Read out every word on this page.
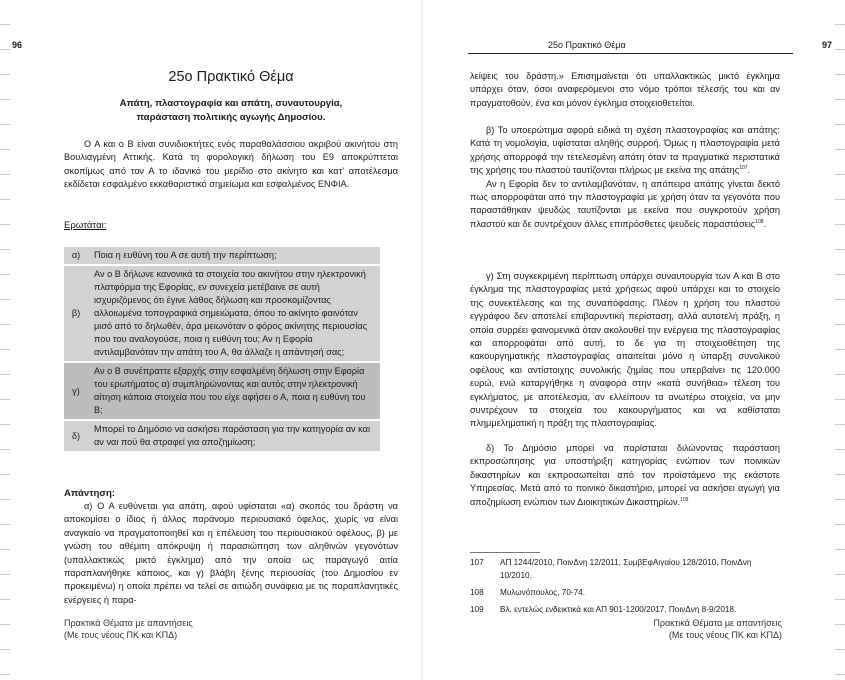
96
25ο Πρακτικό Θέμα
Απάτη, πλαστογραφία και απάτη, συναυτουργία,
παράσταση πολιτικής αγωγής Δημοσίου.
Ο Α και ο Β είναι συνιδιοκτήτες ενός παραθαλάσσιου ακριβού ακινήτου στη Βουλιαγμένη Αττικής. Κατά τη φορολογική δήλωση του Ε9 αποκρύπτεται σκοπίμως από τον Α το ιδανικό του μερίδιο στο ακίνητο και κατ' αποτέλεσμα εκδίδεται εσφαλμένο εκκαθαριστικό σημείωμα και εσφαλμένος ΕΝΦΙΑ.
Ερωτάται:
α)	Ποια η ευθύνη του Α σε αυτή την περίπτωση;
β)	Αν ο Β δήλωνε κανονικά τα στοιχεία του ακινήτου στην ηλεκτρονική πλατφόρμα της Εφορίας, εν συνεχεία μετέβαινε σε αυτή ισχυριζόμενος ότι έγινε λάθος δήλωση και προσκομίζοντας αλλοιωμένα τοπογραφικά σημειώματα, όπου το ακίνητο φαινόταν μισό από το δηλωθέν, άρα μειωνόταν ο φόρος ακίνητης περιουσίας που του αναλογούσε, ποια η ευθύνη του; Αν η Εφορία αντιλαμβανόταν την απάτη του Α, θα άλλαζε η απάντησή σας;
γ)	Αν ο Β συνέπραττε εξαρχής στην εσφαλμένη δήλωση στην Εφορία του ερωτήματος α) συμπληρώνοντας και αυτός στην ηλεκτρονική αίτηση κάποια στοιχεία που του είχε αφήσει ο Α, ποια η ευθύνη του Β;
δ)	Μπορεί το Δημόσιο να ασκήσει παράσταση για την κατηγορία αν και αν ναι πού θα στραφεί για αποζημίωση;
Απάντηση:
α) Ο Α ευθύνεται για απάτη, αφού υφίσταται «α) σκοπός του δράστη να αποκομίσει ο ίδιος ή άλλος παράνομο περιουσιακό όφελος, χωρίς να είναι αναγκαίο να πραγματοποιηθεί και η επέλευση του περιουσιακού οφέλους, β) με γνώση του αθέμιτη απόκρυψη ή παρασιώπηση των αληθινών γεγονότων (υπαλλακτικώς μικτό έγκλημα) από την οποία ως παραγωγό αιτία παραπλανήθηκε κάποιος, και γ) βλάβη ξένης περιουσίας (του Δημοσίου εν προκειμένω) η οποία πρέπει να τελεί σε αιτιώδη συνάφεια με τις παραπλανητικές ενέργειες ή παρα-
Πρακτικά Θέματα με απαντήσεις
(Με τους νέους ΠΚ και ΚΠΔ)
97
25ο Πρακτικό Θέμα

λείψεις του δράστη.» Επισημαίνεται ότι υπαλλακτικώς μικτό έγκλημα υπάρχει όταν, όσοι αναφερόμενοι στο νόμο τρόποι τέλεσής του και αν πραγματοθούν, ένα και μόνον έγκλημα στοιχειοθετείται.
β) Το υποερώτημα αφορά ειδικά τη σχέση πλαστογραφίας και απάτης: Κατά τη νομολογία, υφίσταται αληθής συρροή. Όμως η πλαστογραφία μετά χρήσης απορροφά την τετελεσμένη απάτη όταν τα πραγματικά περιστατικά της χρήσης του πλαστού ταυτίζονται πλήρως με εκείνα της απάτης$^{107}$.
Αν η Εφορία δεν το αντιλαμβανόταν, η απόπειρα απάτης γίνεται δεκτό πως απορροφάται από την πλαστογραφία με χρήση όταν τα γεγονότα που παραστάθηκαν ψευδώς ταυτίζονται με εκείνα που συγκροτούν χρήση πλαστού και δε συντρέχουν άλλες επιπρόσθετες ψευδείς παραστάσεις$^{108}$.
γ) Στη συγκεκριμένη περίπτωση υπάρχει συναυτουργία των Α και Β στο έγκλημα της πλαστογραφίας μετά χρήσεως αφού υπάρχει και το στοιχείο της συνεκτέλεσης και της συναπόφασης. Πλέον η χρήση του πλαστού εγγράφου δεν αποτελεί επιβαρυντική περίσταση, αλλά αυτοτελή πράξη, η οποία συρρέει φαινομενικά όταν ακολουθεί την ενέργεια της πλαστογραφίας και απορροφάται από αυτή, το δε για τη στοιχειοθέτηση της κακουργηματικής πλαστογραφίας απαιτείται μόνο η ύπαρξη συνολικού οφέλους και αντίστοιχης συνολικής ζημίας που υπερβαίνει τις 120.000 ευρώ, ενώ καταργήθηκε η αναφορά στην «κατά συνήθεια» τέλεση του εγκλήματος, με αποτέλεσμα, αν ελλείπουν τα ανωτέρω στοιχεία, να μην συντρέχουν τα στοιχεία του κακουργήματος και να καθίσταται πλημμεληματική η πράξη της πλαστογραφίας.
δ) Το Δημόσιο μπορεί να παρίσταται διλώνοντας παράσταση εκπροσώπησης για υποστήριξη κατηγορίας ενώπιον των ποινικών δικαστηρίων και εκπροσωπείται από τον προϊστάμενο της εκάστοτε Υπηρεσίας. Μετά από το ποινικό δικαστήριο, μπορεί να ασκήσει αγωγή για αποζημίωση ενώπιον των Διοικητικών Δικαστηρίων.$^{109}$
107	ΑΠ 1244/2010, ΠοινΔνη 12/2011, ΣυμβΕφΑιγαίου 128/2010, ΠοινΔνη 10/2010.
108	Μυλωνόπουλος, 70-74.
109	Βλ. εντελώς ενδεικτικά και ΑΠ 901-1200/2017, ΠοινΔνη 8-9/2018.
Πρακτικά Θέματα με απαντήσεις
(Με τους νέους ΠΚ και ΚΠΔ)
